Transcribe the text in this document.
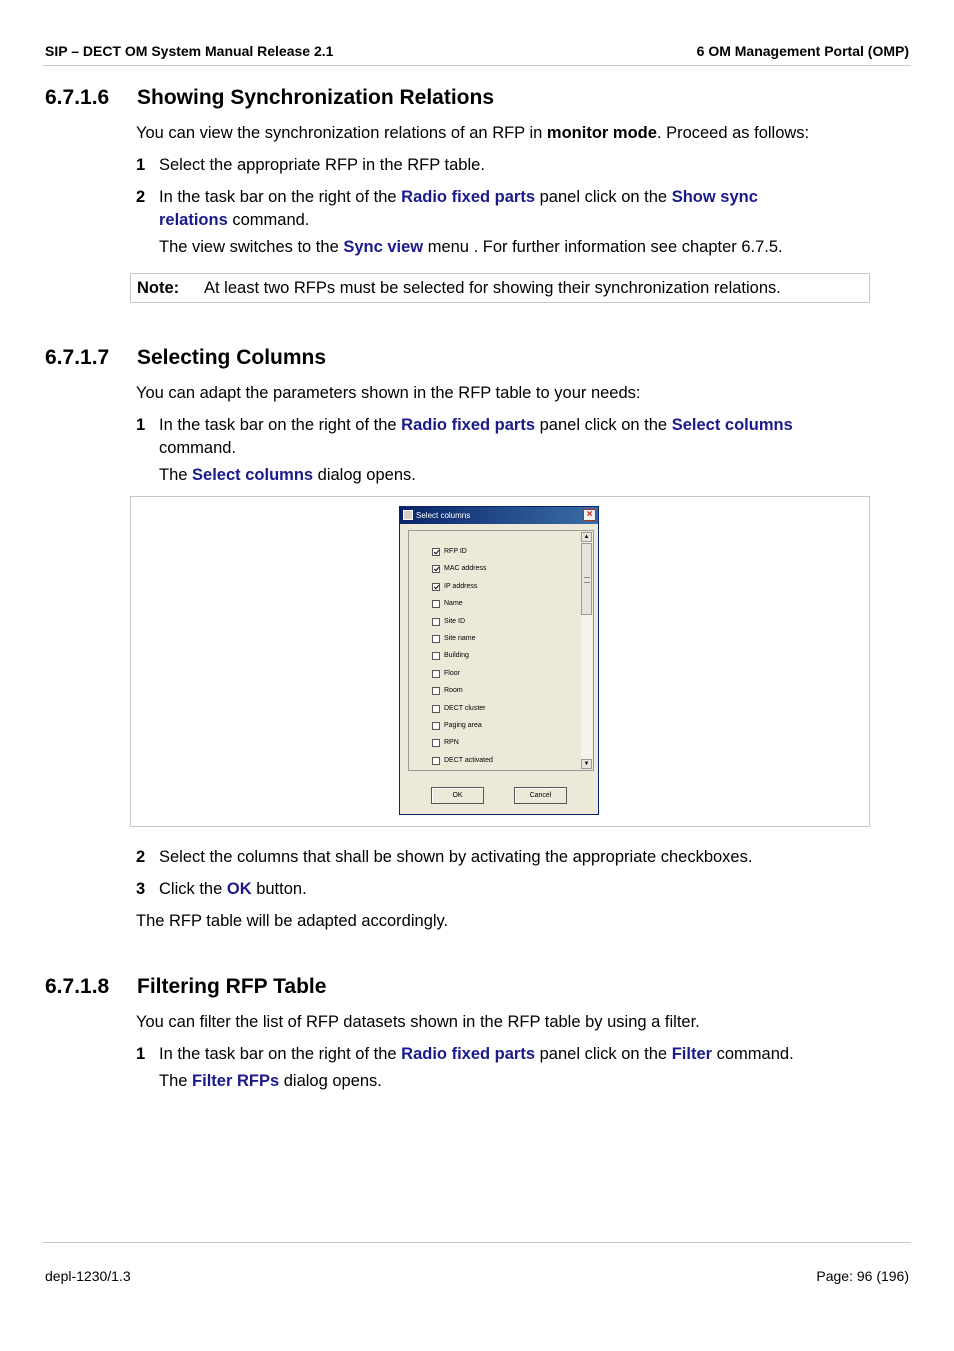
SIP – DECT OM System Manual Release 2.1	6 OM Management Portal (OMP)
6.7.1.6 Showing Synchronization Relations
You can view the synchronization relations of an RFP in monitor mode. Proceed as follows:
1 Select the appropriate RFP in the RFP table.
2 In the task bar on the right of the Radio fixed parts panel click on the Show sync relations command.
The view switches to the Sync view menu . For further information see chapter 6.7.5.
Note: At least two RFPs must be selected for showing their synchronization relations.
6.7.1.7 Selecting Columns
You can adapt the parameters shown in the RFP table to your needs:
1 In the task bar on the right of the Radio fixed parts panel click on the Select columns
command.
The Select columns dialog opens.
Select columns	×
▲
▼
RFP ID
MAC address
IP address
Name
Site ID
Site name
Building
Floor
Room
DECT cluster
Paging area
RPN
DECT activated
OK	Cancel
2 Select the columns that shall be shown by activating the appropriate checkboxes.
3 Click the OK button.
The RFP table will be adapted accordingly.
6.7.1.8 Filtering RFP Table
You can filter the list of RFP datasets shown in the RFP table by using a filter.
1 In the task bar on the right of the Radio fixed parts panel click on the Filter command.
The Filter RFPs dialog opens.
depl-1230/1.3	Page: 96 (196)
